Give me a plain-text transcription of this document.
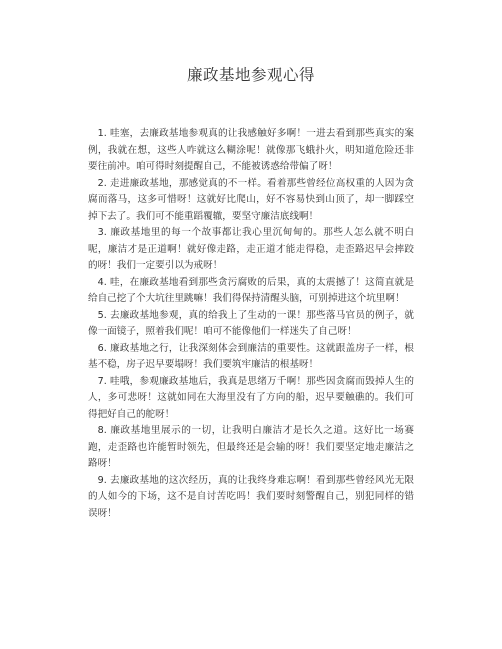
廉政基地参观心得

1. 哇塞，去廉政基地参观真的让我感触好多啊！一进去看到那些真实的案例，我就在想，这些人咋就这么糊涂呢！就像那飞蛾扑火，明知道危险还非要往前冲。咱可得时刻提醒自己，不能被诱惑给带偏了呀！

2. 走进廉政基地，那感觉真的不一样。看着那些曾经位高权重的人因为贪腐而落马，这多可惜呀！这就好比爬山，好不容易快到山顶了，却一脚踩空掉下去了。我们可不能重蹈覆辙，要坚守廉洁底线啊！

3. 廉政基地里的每一个故事都让我心里沉甸甸的。那些人怎么就不明白呢，廉洁才是正道啊！就好像走路，走正道才能走得稳，走歪路迟早会摔跤的呀！我们一定要引以为戒呀！

4. 哇，在廉政基地看到那些贪污腐败的后果，真的太震撼了！这简直就是给自己挖了个大坑往里跳嘛！我们得保持清醒头脑，可别掉进这个坑里啊！

5. 去廉政基地参观，真的给我上了生动的一课！那些落马官员的例子，就像一面镜子，照着我们呢！咱可不能像他们一样迷失了自己呀！

6. 廉政基地之行，让我深刻体会到廉洁的重要性。这就跟盖房子一样，根基不稳，房子迟早要塌呀！我们要筑牢廉洁的根基呀！

7. 哇哦，参观廉政基地后，我真是思绪万千啊！那些因贪腐而毁掉人生的人，多可悲呀！这就如同在大海里没有了方向的船，迟早要触礁的。我们可得把好自己的舵呀！

8. 廉政基地里展示的一切，让我明白廉洁才是长久之道。这好比一场赛跑，走歪路也许能暂时领先，但最终还是会输的呀！我们要坚定地走廉洁之路呀！

9. 去廉政基地的这次经历，真的让我终身难忘啊！看到那些曾经风光无限的人如今的下场，这不是自讨苦吃吗！我们要时刻警醒自己，别犯同样的错误呀！
